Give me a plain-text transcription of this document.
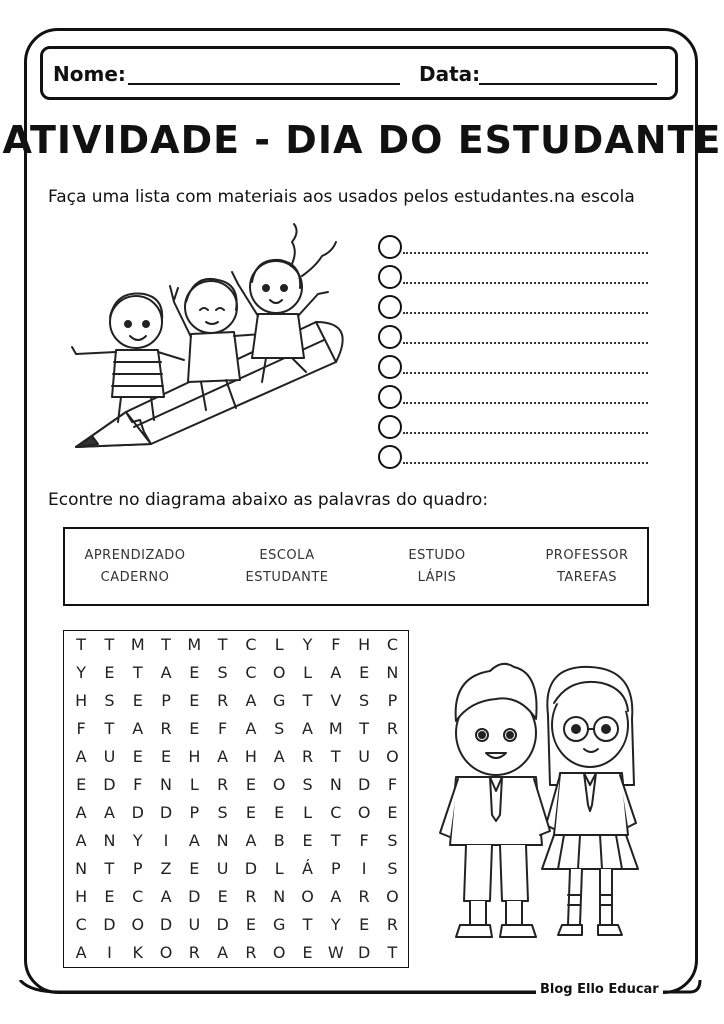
Nome:	Data:
ATIVIDADE - DIA DO ESTUDANTE
Faça uma lista com materiais aos usados pelos estudantes.na escola
Econtre no diagrama abaixo as palavras do quadro:
APRENDIZADO
CADERNO
ESCOLA
ESTUDANTE
ESTUDO
LÁPIS
PROFESSOR
TAREFAS
T	T	M	T	M	T	C	L	Y	F	H	C
Y	E	T	A	E	S	C	O	L	A	E	N
H	S	E	P	E	R	A	G	T	V	S	P
F	T	A	R	E	F	A	S	A M	T	R
A	U	E	E	H	A	H	A	R	T	U	O
E	D	F	N	L	R	E	O	S	N	D	F
A	A	D D	P	S	E	E	L	C	O	E
A	N	Y	I	A	N	A	B	E	T	F	S
N	T	P	Z	E	U	D	L	Á	P	I	S
H	E	C	A	D	E	R	N	O	A	R	O
C	D O D	U	D	E	G	T	Y	E	R
A	I	K	O	R	A	R	O	E W D	T
Blog Ello Educar
